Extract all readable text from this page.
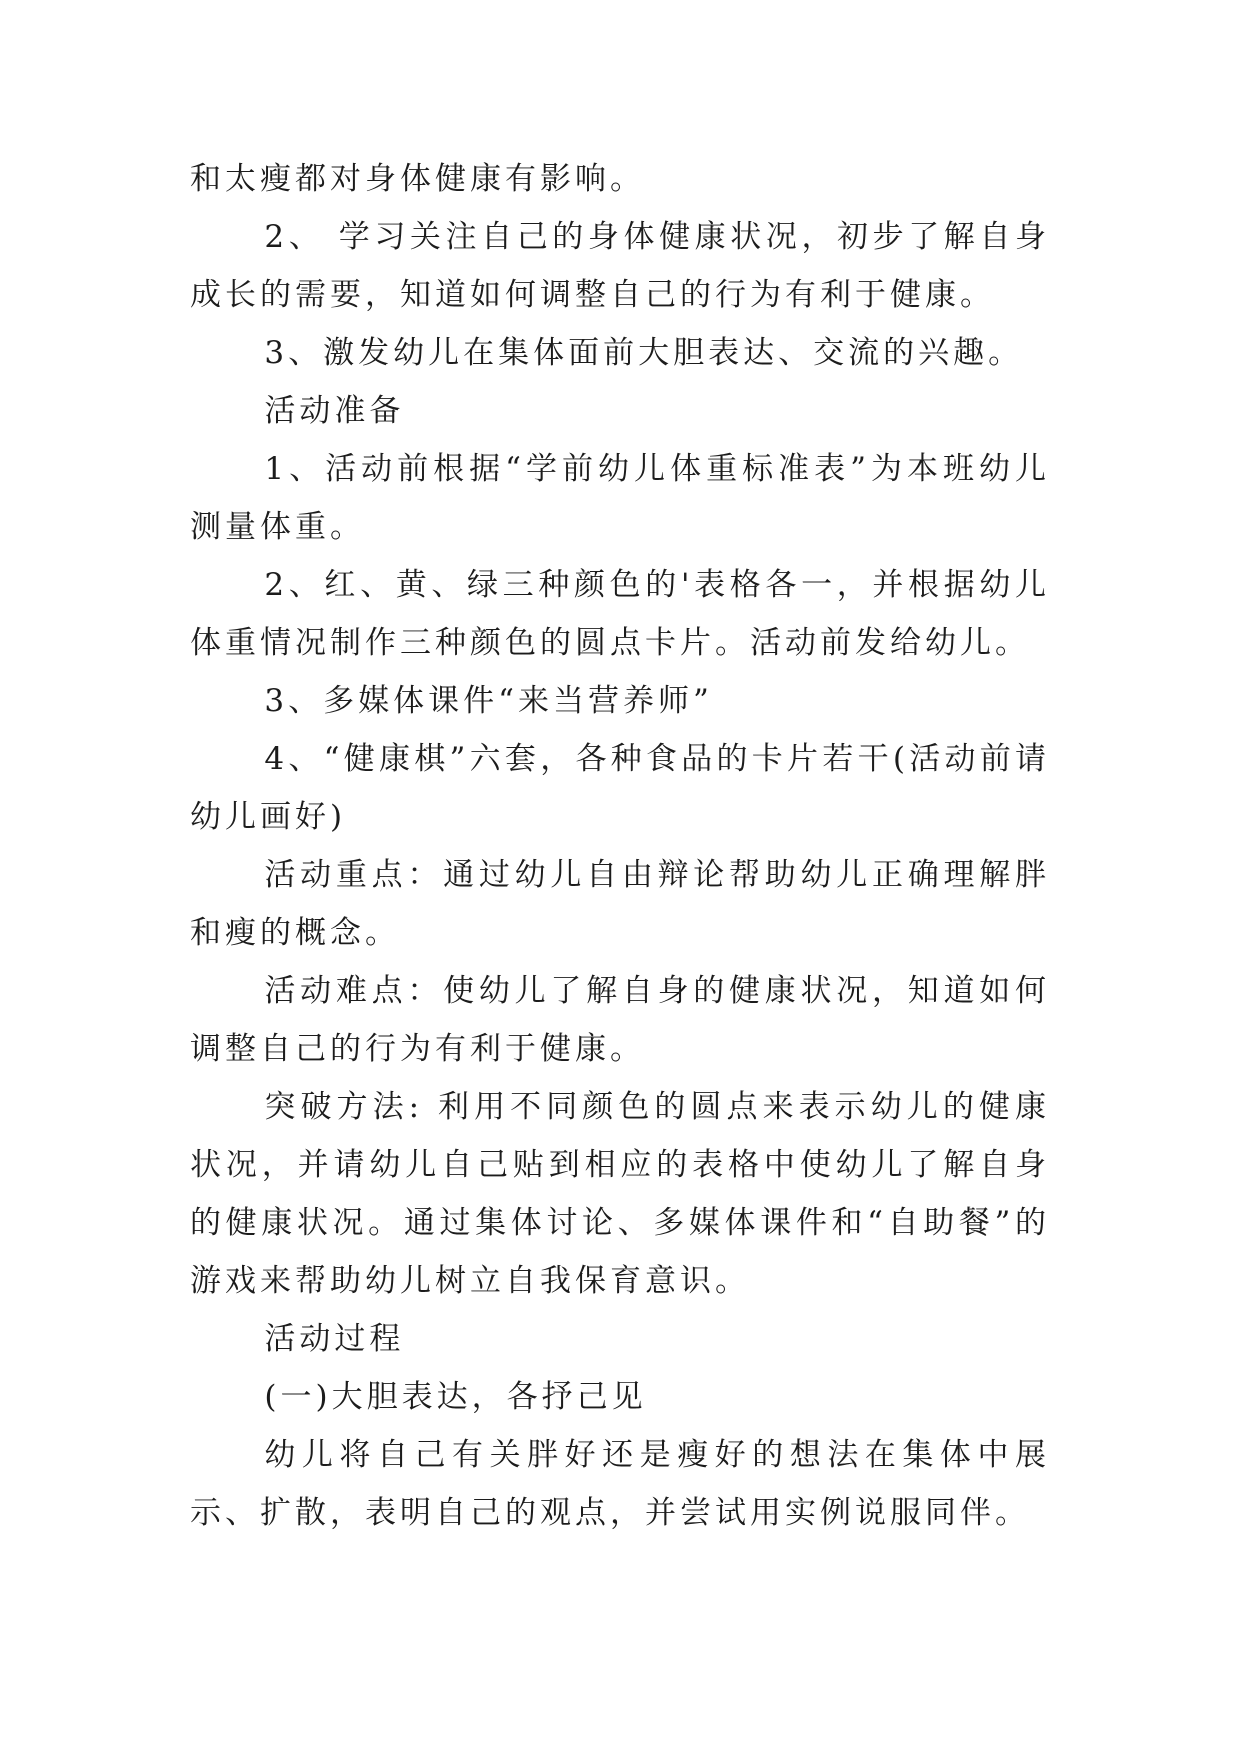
和太瘦都对身体健康有影响。

2、 学习关注自己的身体健康状况，初步了解自身成长的需要，知道如何调整自己的行为有利于健康。

3、激发幼儿在集体面前大胆表达、交流的兴趣。

活动准备

1、活动前根据“学前幼儿体重标准表”为本班幼儿测量体重。

2、红、黄、绿三种颜色的'表格各一，并根据幼儿体重情况制作三种颜色的圆点卡片。活动前发给幼儿。

3、多媒体课件“来当营养师”

4、“健康棋”六套，各种食品的卡片若干(活动前请幼儿画好)

活动重点：通过幼儿自由辩论帮助幼儿正确理解胖和瘦的概念。

活动难点：使幼儿了解自身的健康状况，知道如何调整自己的行为有利于健康。

突破方法: 利用不同颜色的圆点来表示幼儿的健康状况，并请幼儿自己贴到相应的表格中使幼儿了解自身的健康状况。通过集体讨论、多媒体课件和“自助餐”的游戏来帮助幼儿树立自我保育意识。

活动过程

(一)大胆表达，各抒己见

幼儿将自己有关胖好还是瘦好的想法在集体中展示、扩散，表明自己的观点，并尝试用实例说服同伴。
